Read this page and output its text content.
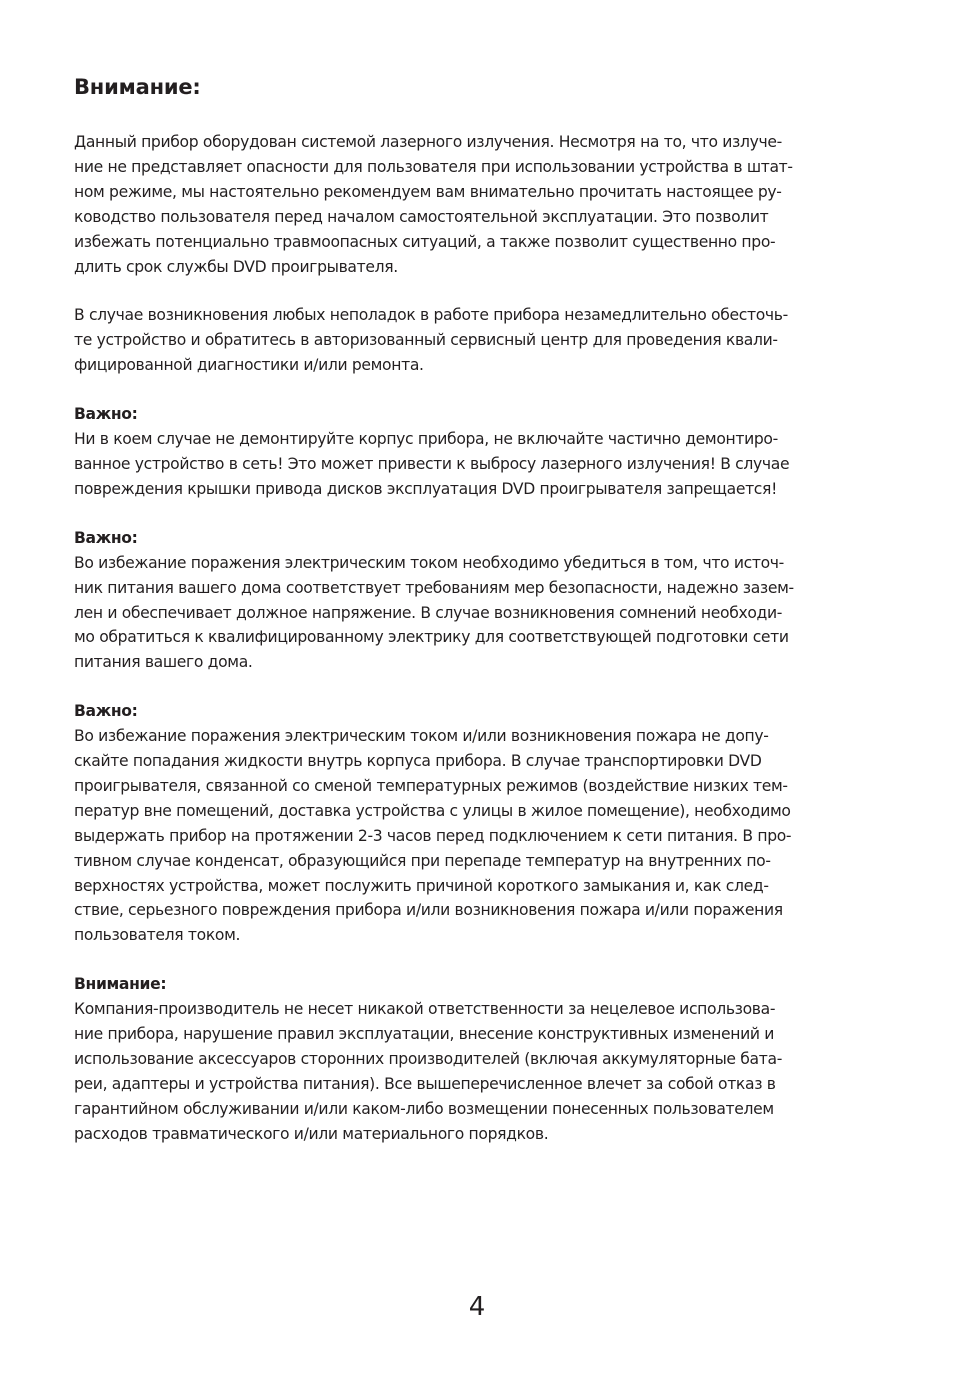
Внимание:

Данный прибор оборудован системой лазерного излучения. Несмотря на то, что излуче-
ние не представляет опасности для пользователя при использовании устройства в штат-
ном режиме, мы настоятельно рекомендуем вам внимательно прочитать настоящее ру-
ководство пользователя перед началом самостоятельной эксплуатации. Это позволит
избежать потенциально травмоопасных ситуаций, а также позволит существенно про-
длить срок службы DVD проигрывателя.

В случае возникновения любых неполадок в работе прибора незамедлительно обесточь-
те устройство и обратитесь в авторизованный сервисный центр для проведения квали-
фицированной диагностики и/или ремонта.

Важно:

Ни в коем случае не демонтируйте корпус прибора, не включайте частично демонтиро-
ванное устройство в сеть! Это может привести к выбросу лазерного излучения! В случае
повреждения крышки привода дисков эксплуатация DVD проигрывателя запрещается!

Важно:

Во избежание поражения электрическим током необходимо убедиться в том, что источ-
ник питания вашего дома соответствует требованиям мер безопасности, надежно зазем-
лен и обеспечивает должное напряжение. В случае возникновения сомнений необходи-
мо обратиться к квалифицированному электрику для соответствующей подготовки сети
питания вашего дома.

Важно:

Во избежание поражения электрическим током и/или возникновения пожара не допу-
скайте попадания жидкости внутрь корпуса прибора. В случае транспортировки DVD
проигрывателя, связанной со сменой температурных режимов (воздействие низких тем-
ператур вне помещений, доставка устройства с улицы в жилое помещение), необходимо
выдержать прибор на протяжении 2-3 часов перед подключением к сети питания. В про-
тивном случае конденсат, образующийся при перепаде температур на внутренних по-
верхностях устройства, может послужить причиной короткого замыкания и, как след-
ствие, серьезного повреждения прибора и/или возникновения пожара и/или поражения
пользователя током.

Внимание:

Компания-производитель не несет никакой ответственности за нецелевое использова-
ние прибора, нарушение правил эксплуатации, внесение конструктивных изменений и
использование аксессуаров сторонних производителей (включая аккумуляторные бата-
реи, адаптеры и устройства питания). Все вышеперечисленное влечет за собой отказ в
гарантийном обслуживании и/или каком-либо возмещении понесенных пользователем
расходов травматического и/или материального порядков.

4
